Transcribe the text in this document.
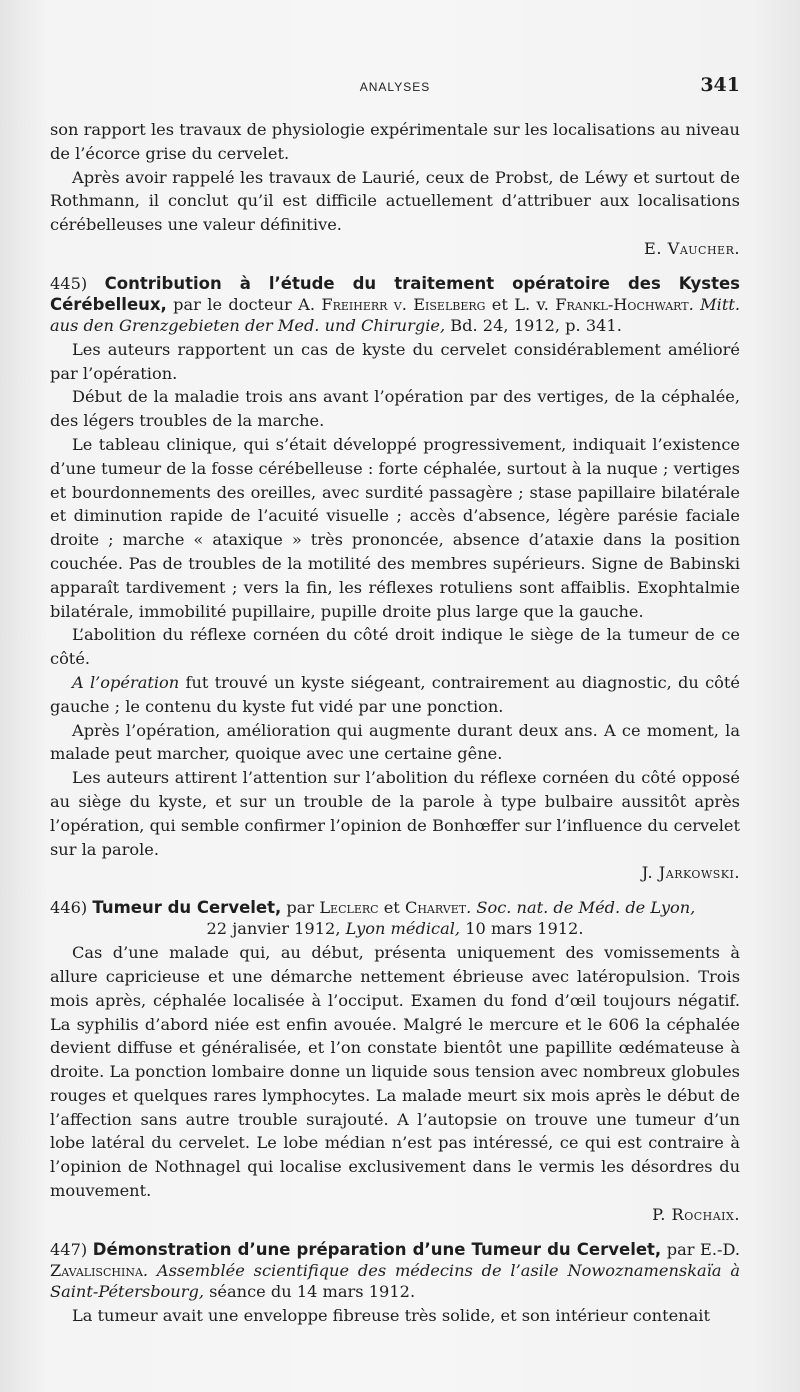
ANALYSES	341

son rapport les travaux de physiologie expérimentale sur les localisations au niveau de l’écorce grise du cervelet.

Après avoir rappelé les travaux de Laurié, ceux de Probst, de Léwy et surtout de Rothmann, il conclut qu’il est difficile actuellement d’attribuer aux localisations cérébelleuses une valeur définitive.

E. Vaucher.

445) Contribution à l’étude du traitement opératoire des Kystes Cérébelleux, par le docteur A. Freiherr v. Eiselberg et L. v. Frankl-Hochwart. Mitt. aus den Grenzgebieten der Med. und Chirurgie, Bd. 24, 1912, p. 341.

Les auteurs rapportent un cas de kyste du cervelet considérablement amélioré par l’opération.

Début de la maladie trois ans avant l’opération par des vertiges, de la céphalée, des légers troubles de la marche.

Le tableau clinique, qui s’était développé progressivement, indiquait l’existence d’une tumeur de la fosse cérébelleuse : forte céphalée, surtout à la nuque ; vertiges et bourdonnements des oreilles, avec surdité passagère ; stase papillaire bilatérale et diminution rapide de l’acuité visuelle ; accès d’absence, légère parésie faciale droite ; marche « ataxique » très prononcée, absence d’ataxie dans la position couchée. Pas de troubles de la motilité des membres supérieurs. Signe de Babinski apparaît tardivement ; vers la fin, les réflexes rotuliens sont affaiblis. Exophtalmie bilatérale, immobilité pupillaire, pupille droite plus large que la gauche.

L’abolition du réflexe cornéen du côté droit indique le siège de la tumeur de ce côté.

A l’opération fut trouvé un kyste siégeant, contrairement au diagnostic, du côté gauche ; le contenu du kyste fut vidé par une ponction.

Après l’opération, amélioration qui augmente durant deux ans. A ce moment, la malade peut marcher, quoique avec une certaine gêne.

Les auteurs attirent l’attention sur l’abolition du réflexe cornéen du côté opposé au siège du kyste, et sur un trouble de la parole à type bulbaire aussitôt après l’opération, qui semble confirmer l’opinion de Bonhœffer sur l’influence du cervelet sur la parole.

J. Jarkowski.

446) Tumeur du Cervelet, par Leclerc et Charvet. Soc. nat. de Méd. de Lyon,
22 janvier 1912, Lyon médical, 10 mars 1912.

Cas d’une malade qui, au début, présenta uniquement des vomissements à allure capricieuse et une démarche nettement ébrieuse avec latéropulsion. Trois mois après, céphalée localisée à l’occiput. Examen du fond d’œil toujours négatif. La syphilis d’abord niée est enfin avouée. Malgré le mercure et le 606 la céphalée devient diffuse et généralisée, et l’on constate bientôt une papillite œdémateuse à droite. La ponction lombaire donne un liquide sous tension avec nombreux globules rouges et quelques rares lymphocytes. La malade meurt six mois après le début de l’affection sans autre trouble surajouté. A l’autopsie on trouve une tumeur d’un lobe latéral du cervelet. Le lobe médian n’est pas intéressé, ce qui est contraire à l’opinion de Nothnagel qui localise exclusivement dans le vermis les désordres du mouvement.

P. Rochaix.

447) Démonstration d’une préparation d’une Tumeur du Cervelet, par E.-D. Zavalischina. Assemblée scientifique des médecins de l’asile Nowoznamenskaïa à Saint-Pétersbourg, séance du 14 mars 1912.

La tumeur avait une enveloppe fibreuse très solide, et son intérieur contenait
